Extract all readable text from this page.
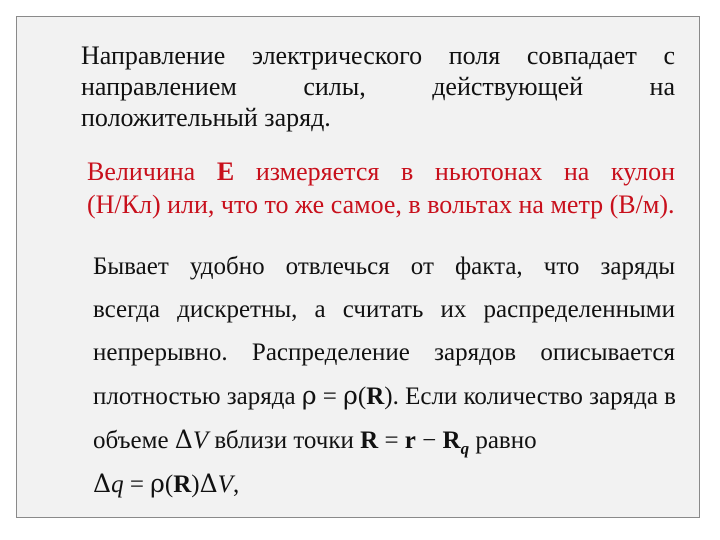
Направление электрического поля совпадает с
направлением силы, действующей на
положительный заряд.

Величина E измеряется в ньютонах на кулон
(Н/Кл) или, что то же самое, в вольтах на метр (В/м).

Бывает удобно отвлечься от факта, что заряды
всегда дискретны, а считать их распределенными
непрерывно. Распределение зарядов описывается
плотностью заряда ρ = ρ(R). Если количество заряда в
объеме ΔV вблизи точки $R = r - R_q$ равно
Δq = ρ(R)ΔV,
